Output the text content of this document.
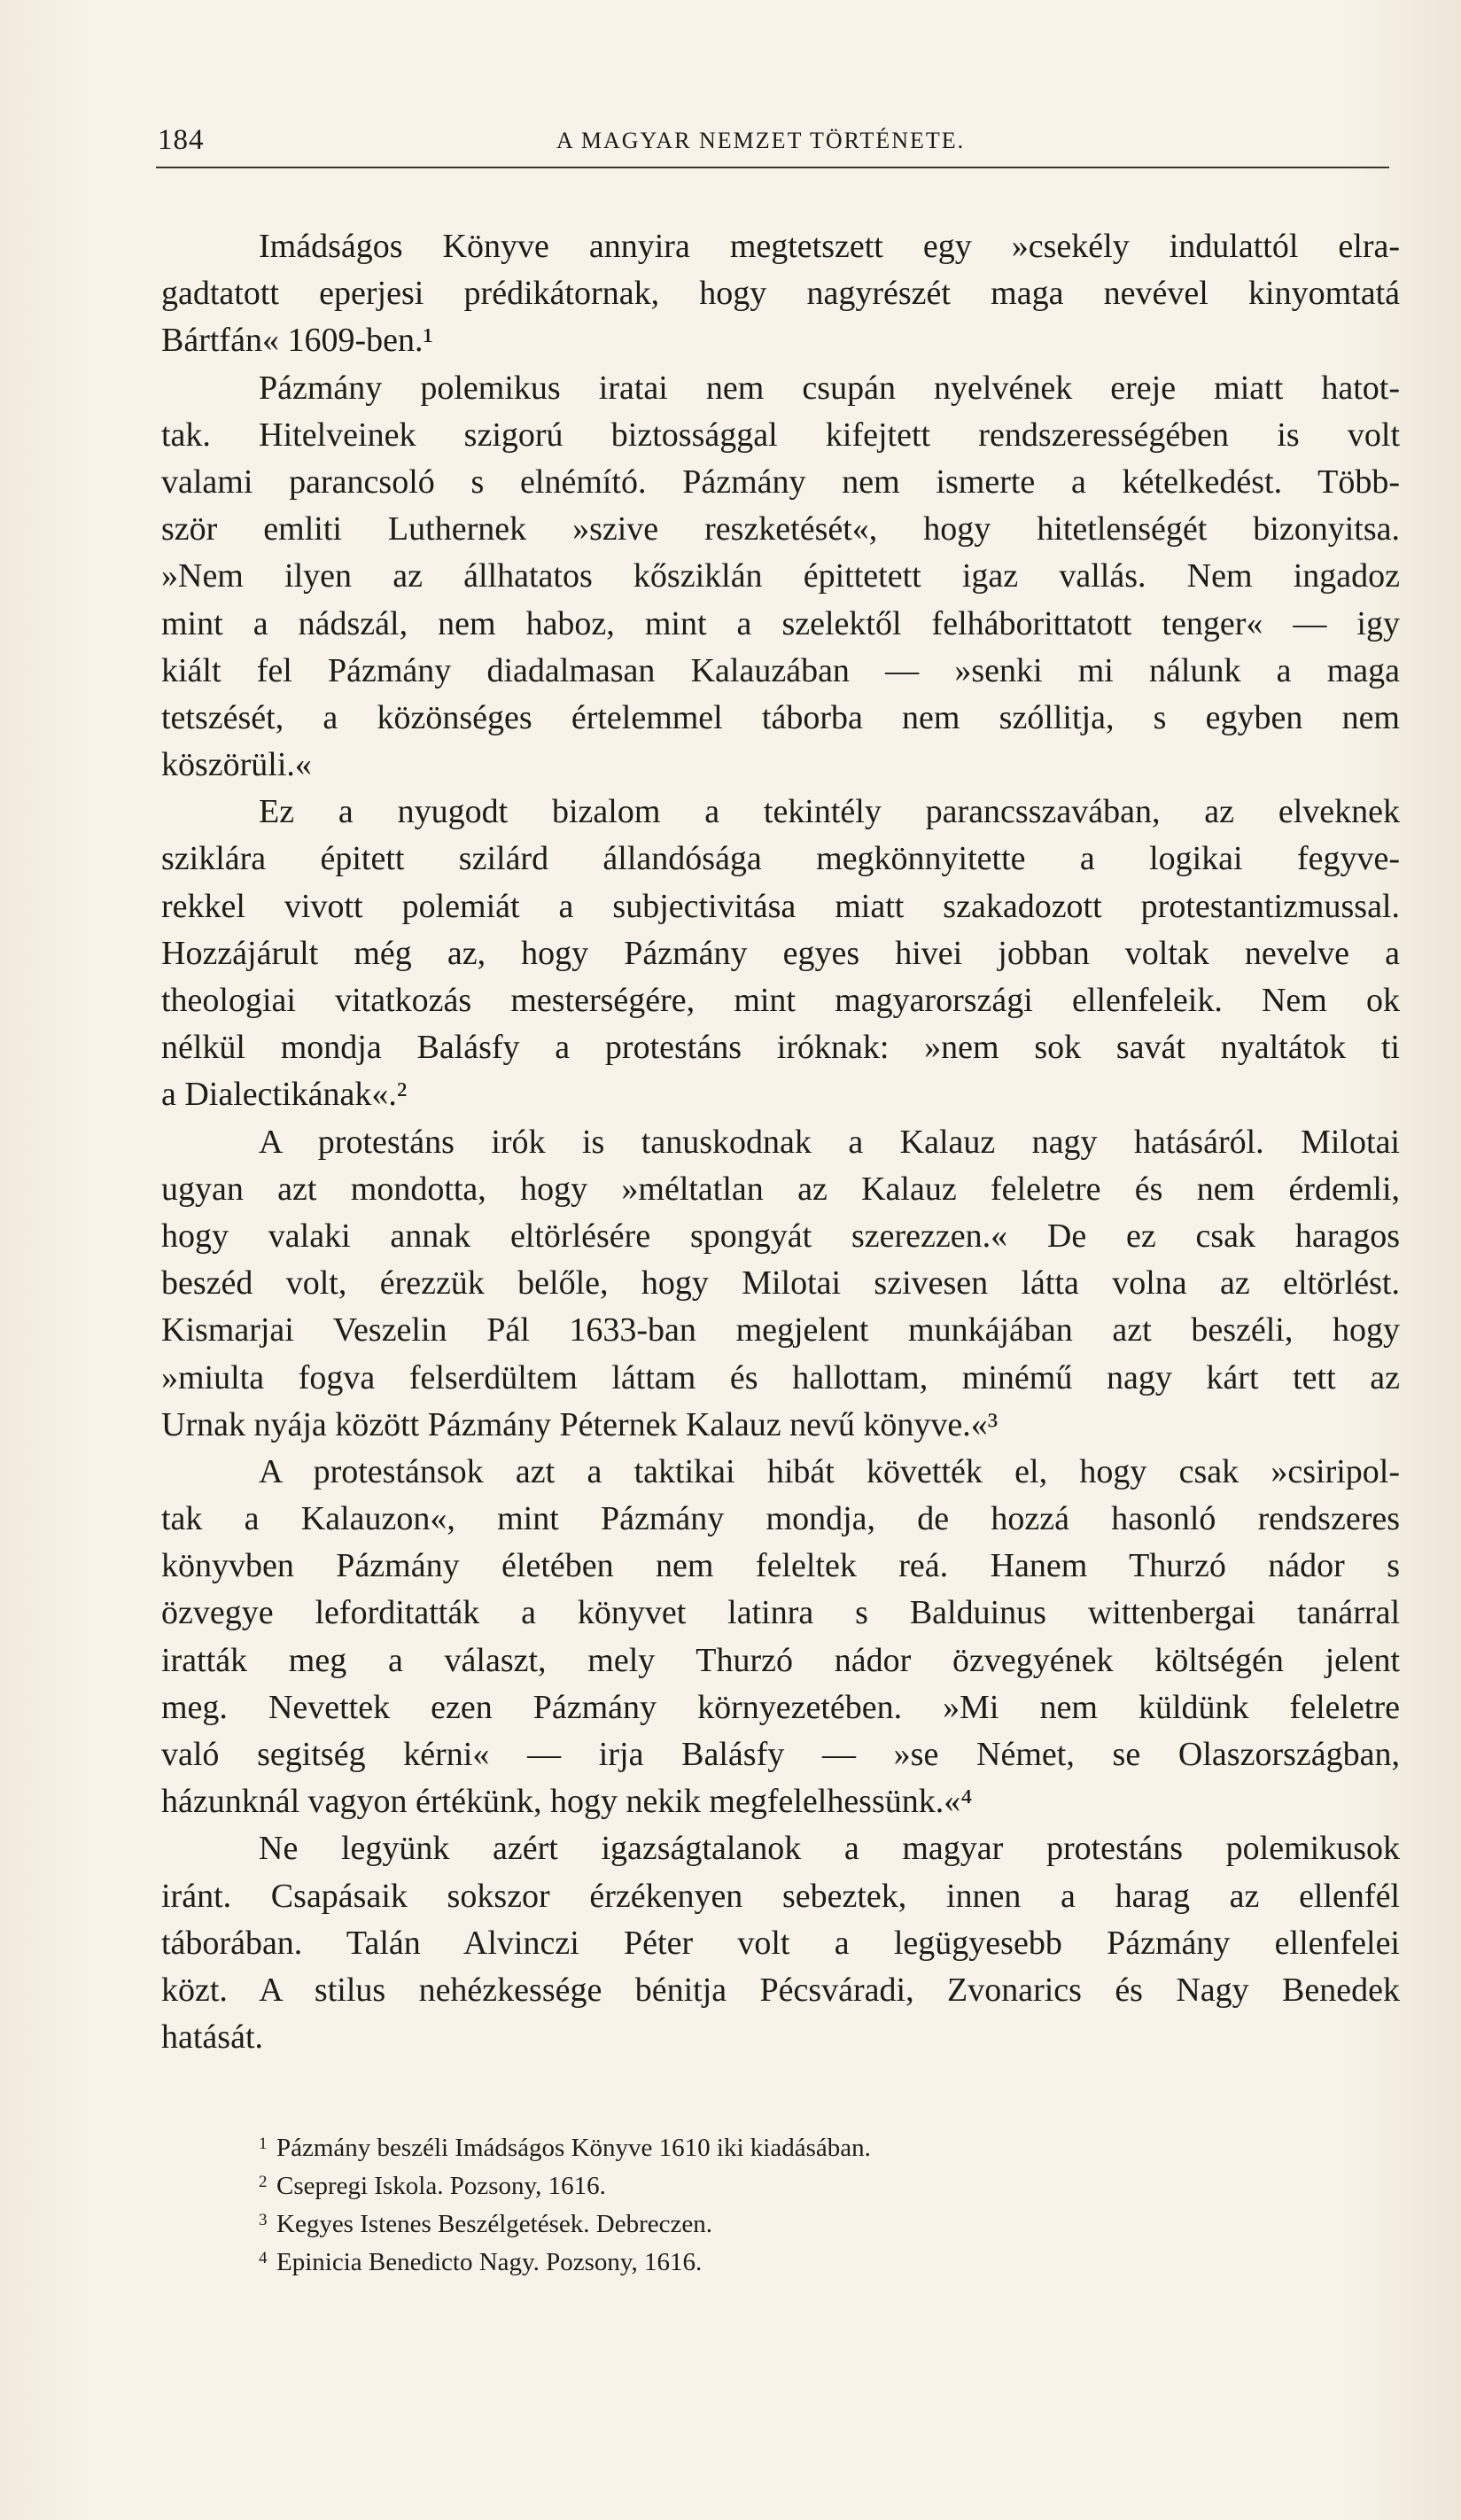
184	A MAGYAR NEMZET TÖRTÉNETE.
Imádságos Könyve annyira megtetszett egy »csekély indulattól elra-
gadtatott eperjesi prédikátornak, hogy nagyrészét maga nevével kinyomtatá
Bártfán« 1609-ben.¹
Pázmány polemikus iratai nem csupán nyelvének ereje miatt hatot-
tak. Hitelveinek szigorú biztossággal kifejtett rendszerességében is volt
valami parancsoló s elnémító. Pázmány nem ismerte a kételkedést. Több-
ször emliti Luthernek »szive reszketését«, hogy hitetlenségét bizonyitsa.
»Nem ilyen az állhatatos kősziklán épittetett igaz vallás. Nem ingadoz
mint a nádszál, nem haboz, mint a szelektől felháborittatott tenger« — igy
kiált fel Pázmány diadalmasan Kalauzában — »senki mi nálunk a maga
tetszését, a közönséges értelemmel táborba nem szóllitja, s egyben nem
köszörüli.«
Ez a nyugodt bizalom a tekintély parancsszavában, az elveknek
sziklára épitett szilárd állandósága megkönnyitette a logikai fegyve-
rekkel vivott polemiát a subjectivitása miatt szakadozott protestantizmussal.
Hozzájárult még az, hogy Pázmány egyes hivei jobban voltak nevelve a
theologiai vitatkozás mesterségére, mint magyarországi ellenfeleik. Nem ok
nélkül mondja Balásfy a protestáns iróknak: »nem sok savát nyaltátok ti
a Dialectikának«.²
A protestáns irók is tanuskodnak a Kalauz nagy hatásáról. Milotai
ugyan azt mondotta, hogy »méltatlan az Kalauz feleletre és nem érdemli,
hogy valaki annak eltörlésére spongyát szerezzen.« De ez csak haragos
beszéd volt, érezzük belőle, hogy Milotai szivesen látta volna az eltörlést.
Kismarjai Veszelin Pál 1633-ban megjelent munkájában azt beszéli, hogy
»miulta fogva felserdültem láttam és hallottam, minémű nagy kárt tett az
Urnak nyája között Pázmány Péternek Kalauz nevű könyve.«³
A protestánsok azt a taktikai hibát követték el, hogy csak »csiripol-
tak a Kalauzon«, mint Pázmány mondja, de hozzá hasonló rendszeres
könyvben Pázmány életében nem feleltek reá. Hanem Thurzó nádor s
özvegye leforditatták a könyvet latinra s Balduinus wittenbergai tanárral
iratták meg a választ, mely Thurzó nádor özvegyének költségén jelent
meg. Nevettek ezen Pázmány környezetében. »Mi nem küldünk feleletre
való segitség kérni« — irja Balásfy — »se Német, se Olaszországban,
házunknál vagyon értékünk, hogy nekik megfelelhessünk.«⁴
Ne legyünk azért igazságtalanok a magyar protestáns polemikusok
iránt. Csapásaik sokszor érzékenyen sebeztek, innen a harag az ellenfél
táborában. Talán Alvinczi Péter volt a legügyesebb Pázmány ellenfelei
közt. A stilus nehézkessége bénitja Pécsváradi, Zvonarics és Nagy Benedek
hatását.
1 Pázmány beszéli Imádságos Könyve 1610 iki kiadásában.
2 Csepregi Iskola. Pozsony, 1616.
3 Kegyes Istenes Beszélgetések. Debreczen.
4 Epinicia Benedicto Nagy. Pozsony, 1616.
